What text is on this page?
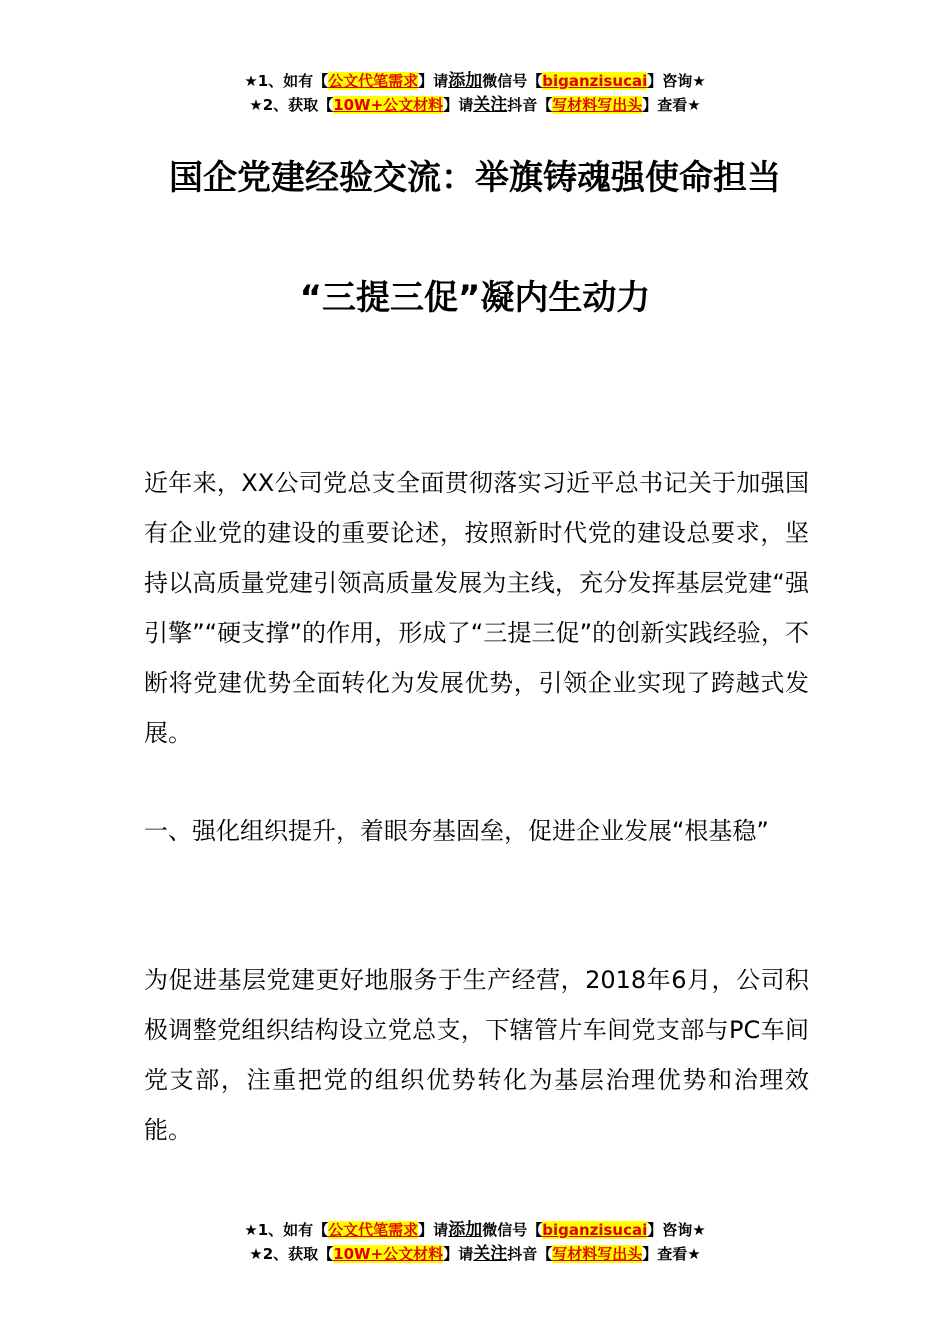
★1、如有【公文代笔需求】请添加微信号【biganzisucai】咨询★
★2、获取【10W+公文材料】请关注抖音【写材料写出头】查看★
国企党建经验交流：举旗铸魂强使命担当
“三提三促”凝内生动力
近年来，XX公司党总支全面贯彻落实习近平总书记关于加强国有企业党的建设的重要论述，按照新时代党的建设总要求，坚持以高质量党建引领高质量发展为主线，充分发挥基层党建“强引擎”“硬支撑”的作用，形成了“三提三促”的创新实践经验，不断将党建优势全面转化为发展优势，引领企业实现了跨越式发展。
一、强化组织提升，着眼夯基固垒，促进企业发展“根基稳”
为促进基层党建更好地服务于生产经营，2018年6月，公司积极调整党组织结构设立党总支，下辖管片车间党支部与PC车间党支部，注重把党的组织优势转化为基层治理优势和治理效能。
★1、如有【公文代笔需求】请添加微信号【biganzisucai】咨询★
★2、获取【10W+公文材料】请关注抖音【写材料写出头】查看★
